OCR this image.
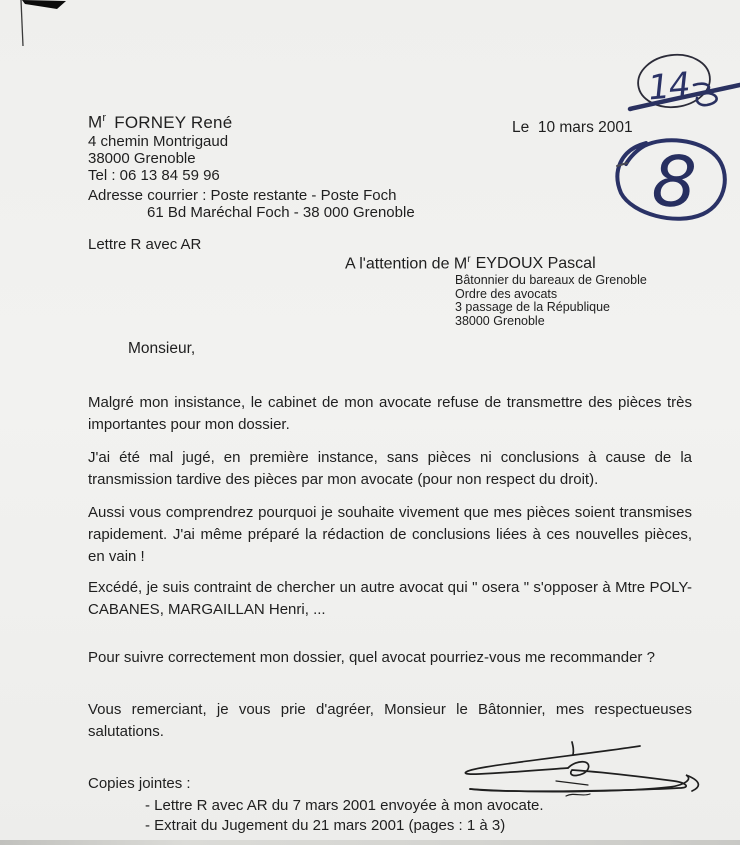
$M^r$ FORNEY René
4 chemin Montrigaud
38000 Grenoble
Tel : 06 13 84 59 96
Le  10 mars 2001
Adresse courrier : Poste restante - Poste Foch
61 Bd Maréchal Foch - 38 000 Grenoble
Lettre R avec AR
A l'attention de $M^r$ EYDOUX Pascal
Bâtonnier du bareaux de Grenoble
Ordre des avocats
3 passage de la République
38000 Grenoble
Monsieur,
Malgré mon insistance, le cabinet de mon avocate refuse de transmettre des pièces très importantes pour mon dossier.
J'ai été mal jugé, en première instance, sans pièces ni conclusions à cause de la transmission tardive des pièces par mon avocate (pour non respect du droit).
Aussi vous comprendrez pourquoi je souhaite vivement que mes pièces soient transmises rapidement. J'ai même préparé la rédaction de conclusions liées à ces nouvelles pièces, en vain !
Excédé, je suis contraint de chercher un autre avocat qui " osera " s'opposer à Mtre POLY-CABANES, MARGAILLAN Henri, ...
Pour suivre correctement mon dossier, quel avocat pourriez-vous me recommander ?
Vous remerciant, je vous prie d'agréer, Monsieur le Bâtonnier, mes respectueuses salutations.
Copies jointes :
- Lettre R avec AR du 7 mars 2001 envoyée à mon avocate.
- Extrait du Jugement du 21 mars 2001 (pages : 1 à 3)
14
8
